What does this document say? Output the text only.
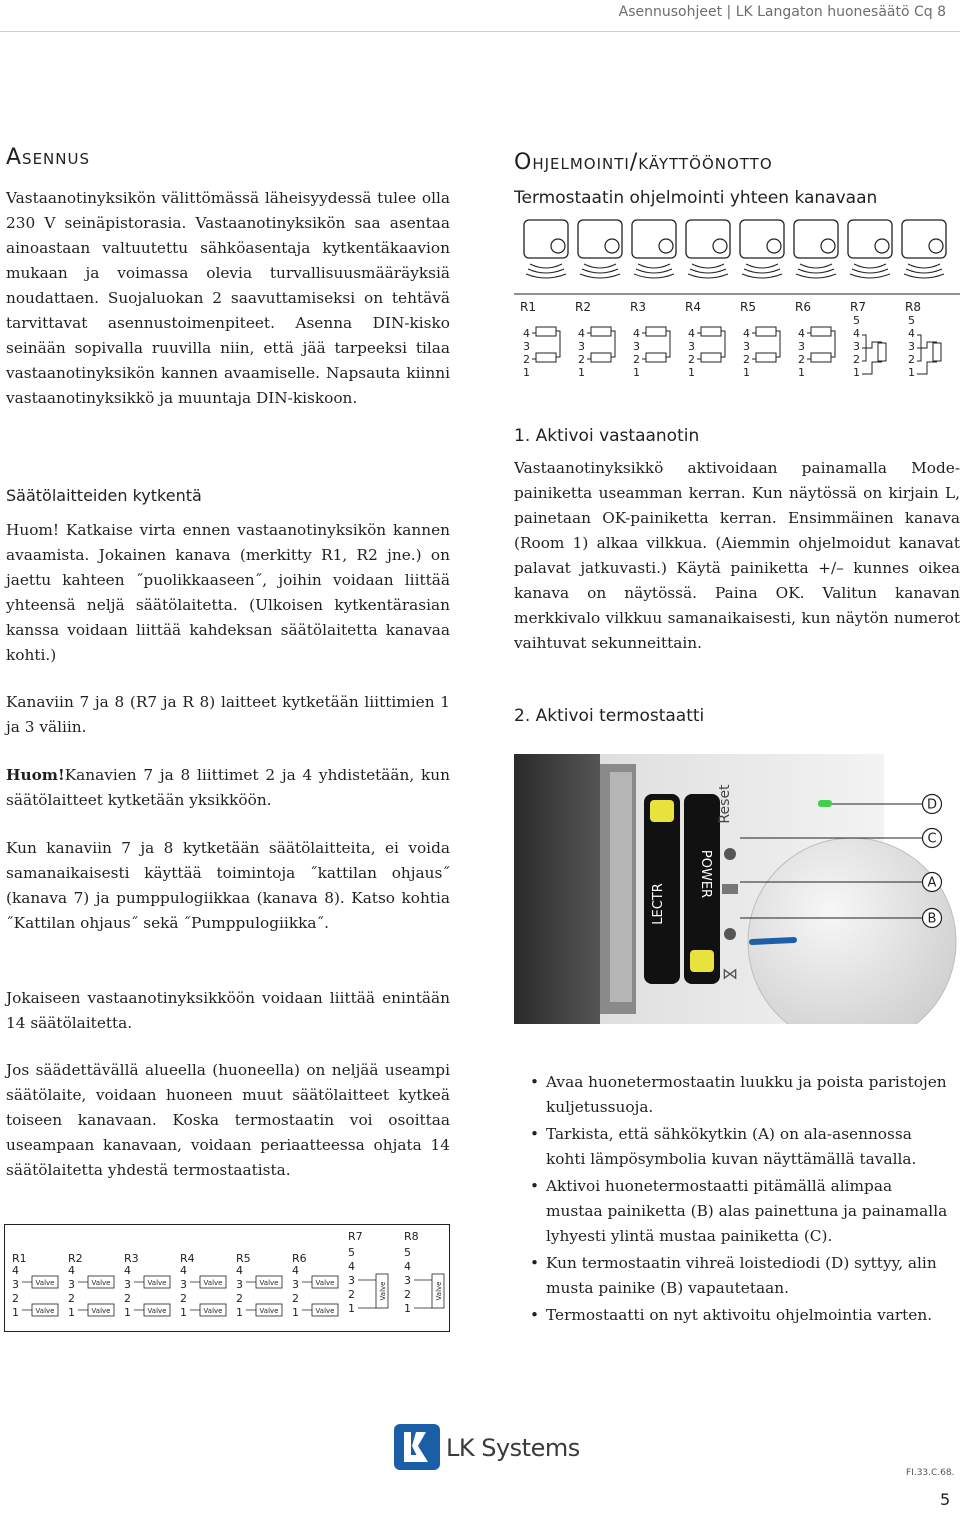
Asennusohjeet | LK Langaton huonesäätö Cq 8
Asennus
Vastaanotinyksikön välittömässä läheisyydessä tulee olla 230 V seinäpistorasia. Vastaanotinyksikön saa asentaa ainoastaan valtuutettu sähköasentaja kytkentäkaavion mukaan ja voimassa olevia turvallisuusmääräyksiä noudattaen. Suojaluokan 2 saavuttamiseksi on tehtävä tarvittavat asennustoimenpiteet. Asenna DIN-kisko seinään sopivalla ruuvilla niin, että jää tarpeeksi tilaa vastaanotinyksikön kannen avaamiselle. Napsauta kiinni vastaanotinyksikkö ja muuntaja DIN-kiskoon.
Säätölaitteiden kytkentä
Huom! Katkaise virta ennen vastaanotinyksikön kannen avaamista. Jokainen kanava (merkitty R1, R2 jne.) on jaettu kahteen ˝puolikkaaseen˝, joihin voidaan liittää yhteensä neljä säätölaitetta. (Ulkoisen kytkentärasian kanssa voidaan liittää kahdeksan säätölaitetta kanavaa kohti.)
Kanaviin 7 ja 8 (R7 ja R 8) laitteet kytketään liittimien 1 ja 3 väliin.
Huom!Kanavien 7 ja 8 liittimet 2 ja 4 yhdistetään, kun säätölaitteet kytketään yksikköön.
Kun kanaviin 7 ja 8 kytketään säätölaitteita, ei voida samanaikaisesti käyttää toimintoja ˝kattilan ohjaus˝ (kanava 7) ja pumppulogiikkaa (kanava 8). Katso kohtia ˝Kattilan ohjaus˝ sekä ˝Pumppulogiikka˝.
Jokaiseen vastaanotinyksikköön voidaan liittää enintään 14 säätölaitetta.
Jos säädettävällä alueella (huoneella) on neljää useampi säätölaite, voidaan huoneen muut säätölaitteet kytkeä toiseen kanavaan. Koska termostaatin voi osoittaa useampaan kanavaan, voidaan periaatteessa ohjata 14 säätölaitetta yhdestä termostaatista.
R1
4
3
2
1
Valve
Valve
R2
4
3
2
1
Valve
Valve
R3
4
3
2
1
Valve
Valve
R4
4
3
2
1
Valve
Valve
R5
4
3
2
1
Valve
Valve
R6
4
3
2
1
Valve
Valve
R7
5
4
3
2
1
Valve
R8
5
4
3
2
1
Valve
Ohjelmointi/käyttöönotto
Termostaatin ohjelmointi yhteen kanavaan
R1
4
3
2
1
R2
4
3
2
1
R3
4
3
2
1
R4
4
3
2
1
R5
4
3
2
1
R6
4
3
2
1
R7
5
4
3
2
1
R8
5
4
3
2
1
1. Aktivoi vastaanotin
Vastaanotinyksikkö aktivoidaan painamalla Mode-painiketta useamman kerran. Kun näytössä on kirjain L, painetaan OK-painiketta kerran. Ensimmäinen kanava (Room 1) alkaa vilkkua. (Aiemmin ohjelmoidut kanavat palavat jatkuvasti.) Käytä painiketta +/– kunnes oikea kanava on näytössä. Paina OK. Valitun kanavan merkkivalo vilkkuu samanaikaisesti, kun näytön numerot vaihtuvat sekunneittain.
2. Aktivoi termostaatti
LECTR
POWER
Reset
⋈
D
C
A
B
• Avaa huonetermostaatin luukku ja poista paristojen kuljetussuoja.
• Tarkista, että sähkökytkin (A) on ala-asennossa kohti lämpösymbolia kuvan näyttämällä tavalla.
• Aktivoi huonetermostaatti pitämällä alimpaa mustaa painiketta (B) alas painettuna ja painamalla lyhyesti ylintä mustaa painiketta (C).
• Kun termostaatin vihreä loistediodi (D) syttyy, alin musta painike (B) vapautetaan.
• Termostaatti on nyt aktivoitu ohjelmointia varten.
LK Systems
FI.33.C.68.
5
